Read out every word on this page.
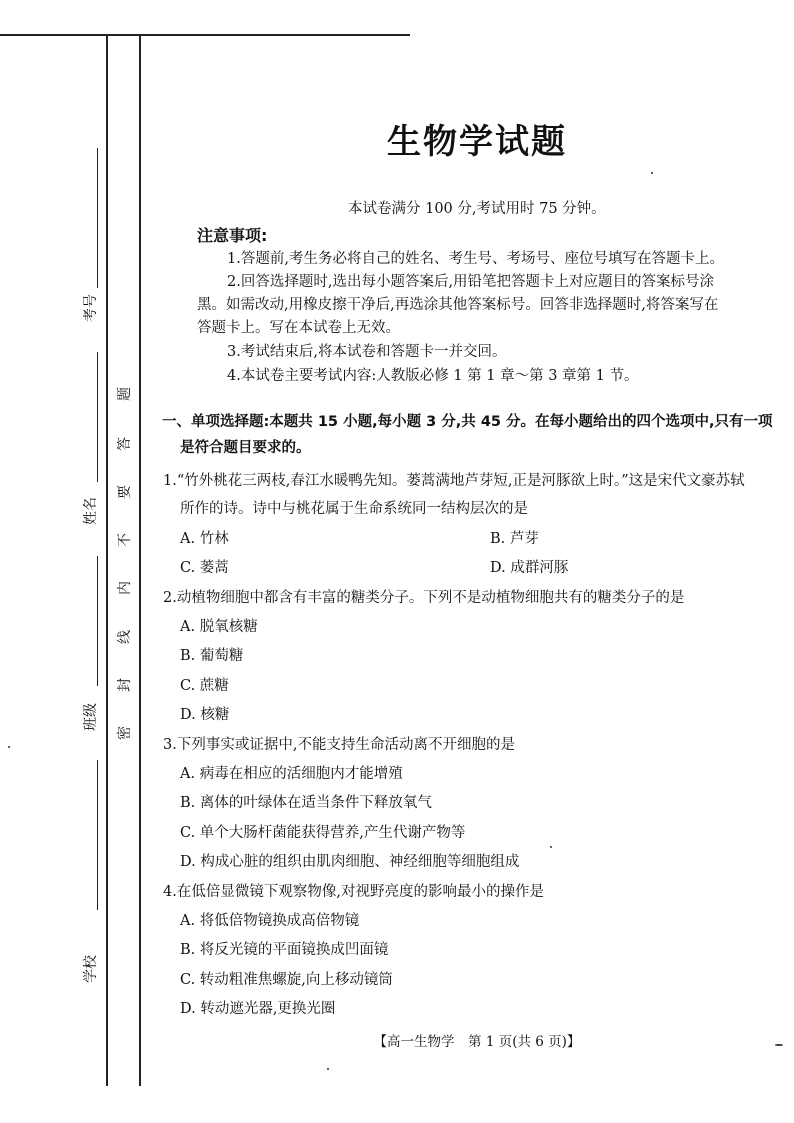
考号
姓名
班级
学校
题
答
要
不
内
线
封
密
生物学试题
本试卷满分 100 分,考试用时 75 分钟。
注意事项:
1.答题前,考生务必将自己的姓名、考生号、考场号、座位号填写在答题卡上。
2.回答选择题时,选出每小题答案后,用铅笔把答题卡上对应题目的答案标号涂
黑。如需改动,用橡皮擦干净后,再选涂其他答案标号。回答非选择题时,将答案写在
答题卡上。写在本试卷上无效。
3.考试结束后,将本试卷和答题卡一并交回。
4.本试卷主要考试内容:人教版必修 1 第 1 章～第 3 章第 1 节。
一、单项选择题:本题共 15 小题,每小题 3 分,共 45 分。在每小题给出的四个选项中,只有一项
是符合题目要求的。
1.“竹外桃花三两枝,春江水暖鸭先知。蒌蒿满地芦芽短,正是河豚欲上时。”这是宋代文豪苏轼
所作的诗。诗中与桃花属于生命系统同一结构层次的是
A. 竹林	B. 芦芽
C. 蒌蒿	D. 成群河豚
2.动植物细胞中都含有丰富的糖类分子。下列不是动植物细胞共有的糖类分子的是
A. 脱氧核糖
B. 葡萄糖
C. 蔗糖
D. 核糖
3.下列事实或证据中,不能支持生命活动离不开细胞的是
A. 病毒在相应的活细胞内才能增殖
B. 离体的叶绿体在适当条件下释放氧气
C. 单个大肠杆菌能获得营养,产生代谢产物等
D. 构成心脏的组织由肌肉细胞、神经细胞等细胞组成
4.在低倍显微镜下观察物像,对视野亮度的影响最小的操作是
A. 将低倍物镜换成高倍物镜
B. 将反光镜的平面镜换成凹面镜
C. 转动粗准焦螺旋,向上移动镜筒
D. 转动遮光器,更换光圈
【高一生物学　第 1 页(共 6 页)】
